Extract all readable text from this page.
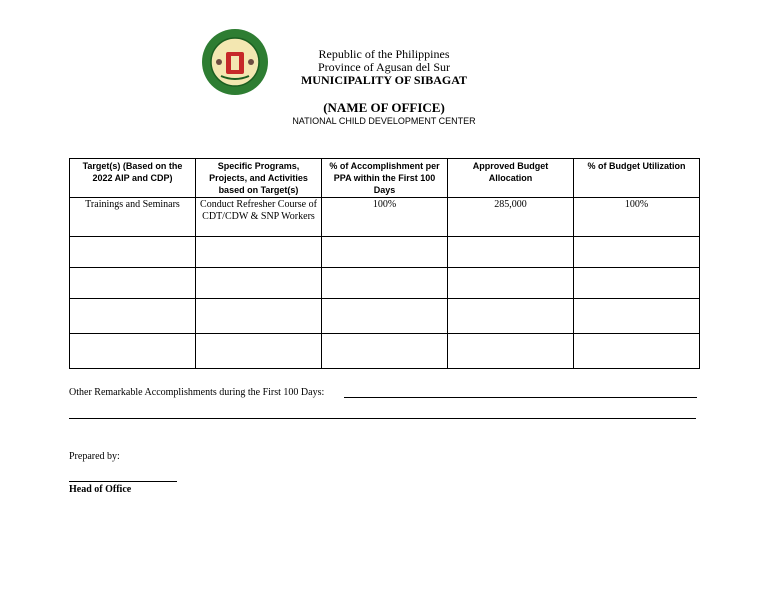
Republic of the Philippines
Province of Agusan del Sur
MUNICIPALITY OF SIBAGAT
(NAME OF OFFICE)
NATIONAL CHILD DEVELOPMENT CENTER
Target(s) (Based on the 2022 AIP and CDP)	Specific Programs, Projects, and Activities based on Target(s)	% of Accomplishment per PPA within the First 100 Days	Approved Budget Allocation	% of Budget Utilization
Trainings and Seminars	Conduct Refresher Course of CDT/CDW & SNP Workers	100%	285,000	100%

Other Remarkable Accomplishments during the First 100 Days:
Prepared by:
Head of Office
